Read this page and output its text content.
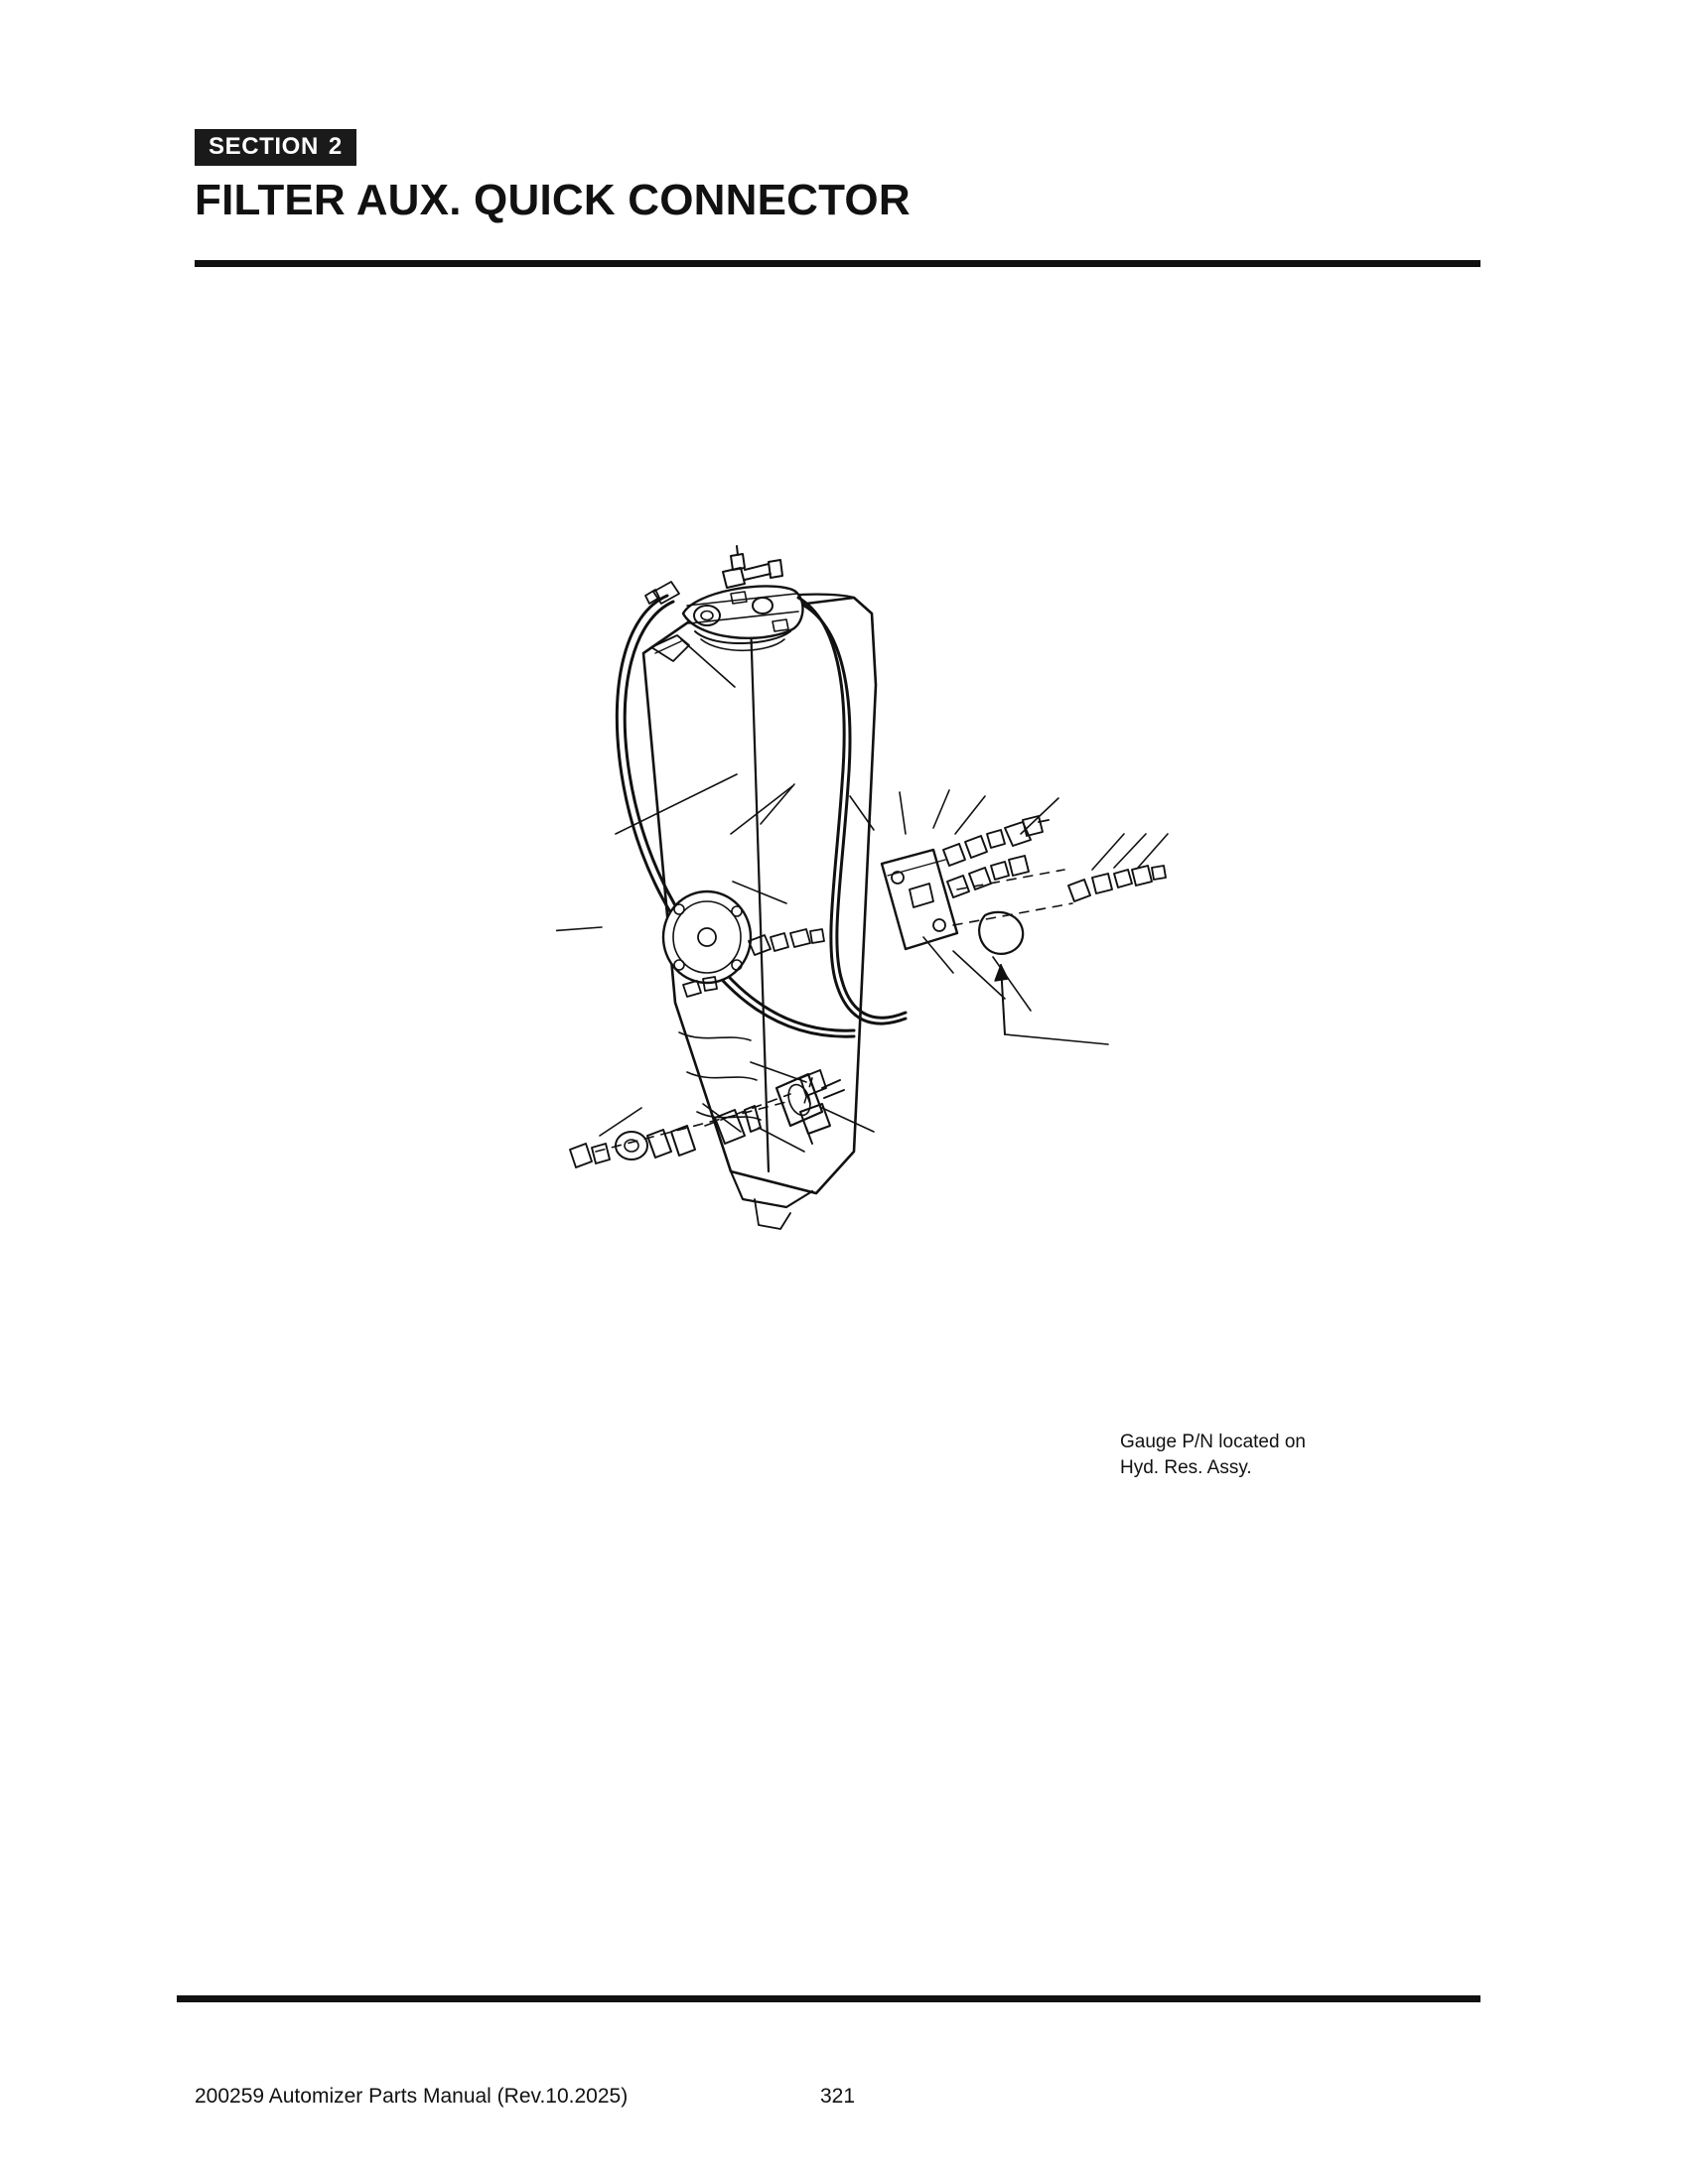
SECTION 2
FILTER AUX. QUICK CONNECTOR
Gauge P/N located on
Hyd. Res. Assy.
200259 Automizer Parts Manual (Rev.10.2025)	321
